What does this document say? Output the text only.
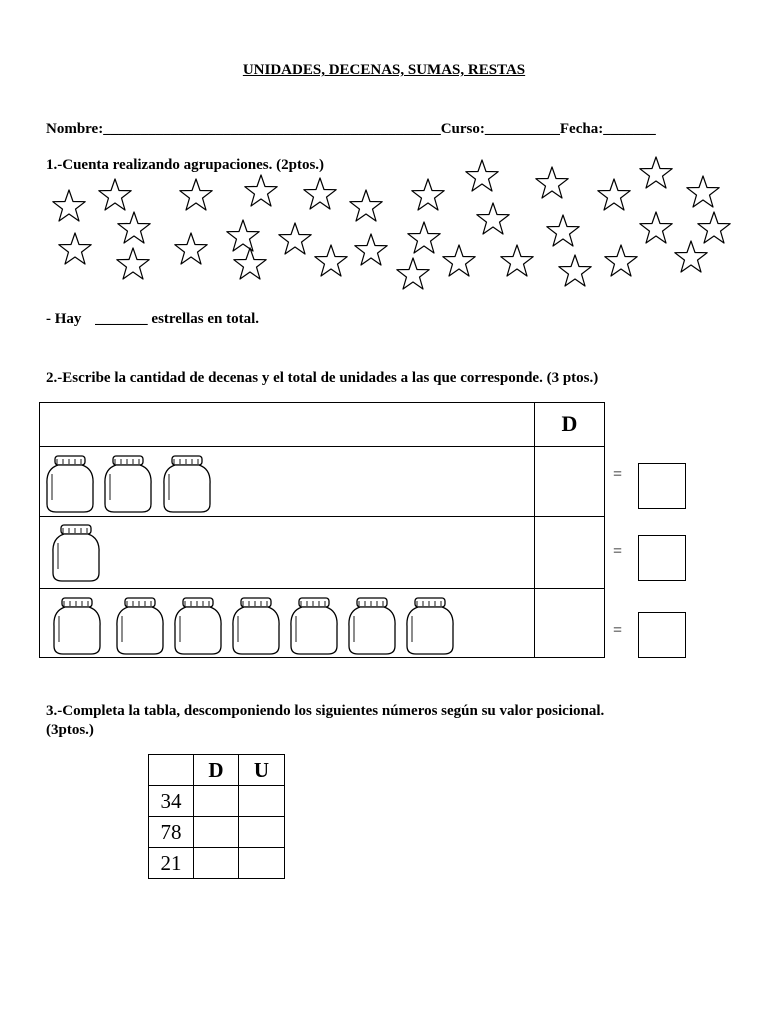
UNIDADES, DECENAS, SUMAS, RESTAS
Nombre:_____________________________________________Curso:__________Fecha:_______
1.-Cuenta realizando agrupaciones. (2ptos.)
- Hay _______ estrellas en total.
2.-Escribe la cantidad de decenas y el total de unidades a las que corresponde. (3 ptos.)
D
=
=
=
3.-Completa la tabla, descomponiendo los siguientes números según su valor posicional.
(3ptos.)
	D	U
34		
78		
21		
